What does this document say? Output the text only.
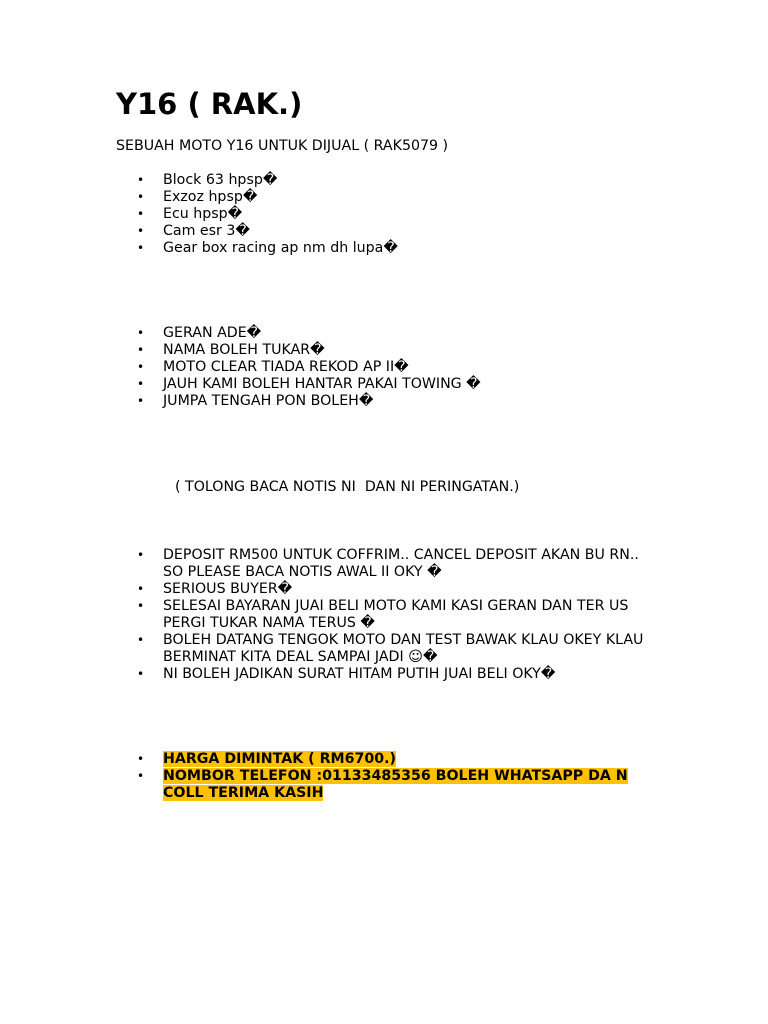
Y16 ( RAK.)

SEBUAH MOTO Y16 UNTUK DIJUAL ( RAK5079 )

• Block 63 hpsp�
• Exzoz hpsp�
• Ecu hpsp�
• Cam esr 3�
• Gear box racing ap nm dh lupa�
• GERAN ADE�
• NAMA BOLEH TUKAR�
• MOTO CLEAR TIADA REKOD AP II�
• JAUH KAMI BOLEH HANTAR PAKAI TOWING �
• JUMPA TENGAH PON BOLEH�

( TOLONG BACA NOTIS NI  DAN NI PERINGATAN.)

• DEPOSIT RM500 UNTUK COFFRIM.. CANCEL DEPOSIT AKAN BU RN.. SO PLEASE BACA NOTIS AWAL II OKY �
• SERIOUS BUYER�
• SELESAI BAYARAN JUAI BELI MOTO KAMI KASI GERAN DAN TER US PERGI TUKAR NAMA TERUS �
• BOLEH DATANG TENGOK MOTO DAN TEST BAWAK KLAU OKEY KLAU BERMINAT KITA DEAL SAMPAI JADI ☺�
• NI BOLEH JADIKAN SURAT HITAM PUTIH JUAI BELI OKY�
• HARGA DIMINTAK ( RM6700.)
• NOMBOR TELEFON :01133485356 BOLEH WHATSAPP DA N COLL TERIMA KASIH
